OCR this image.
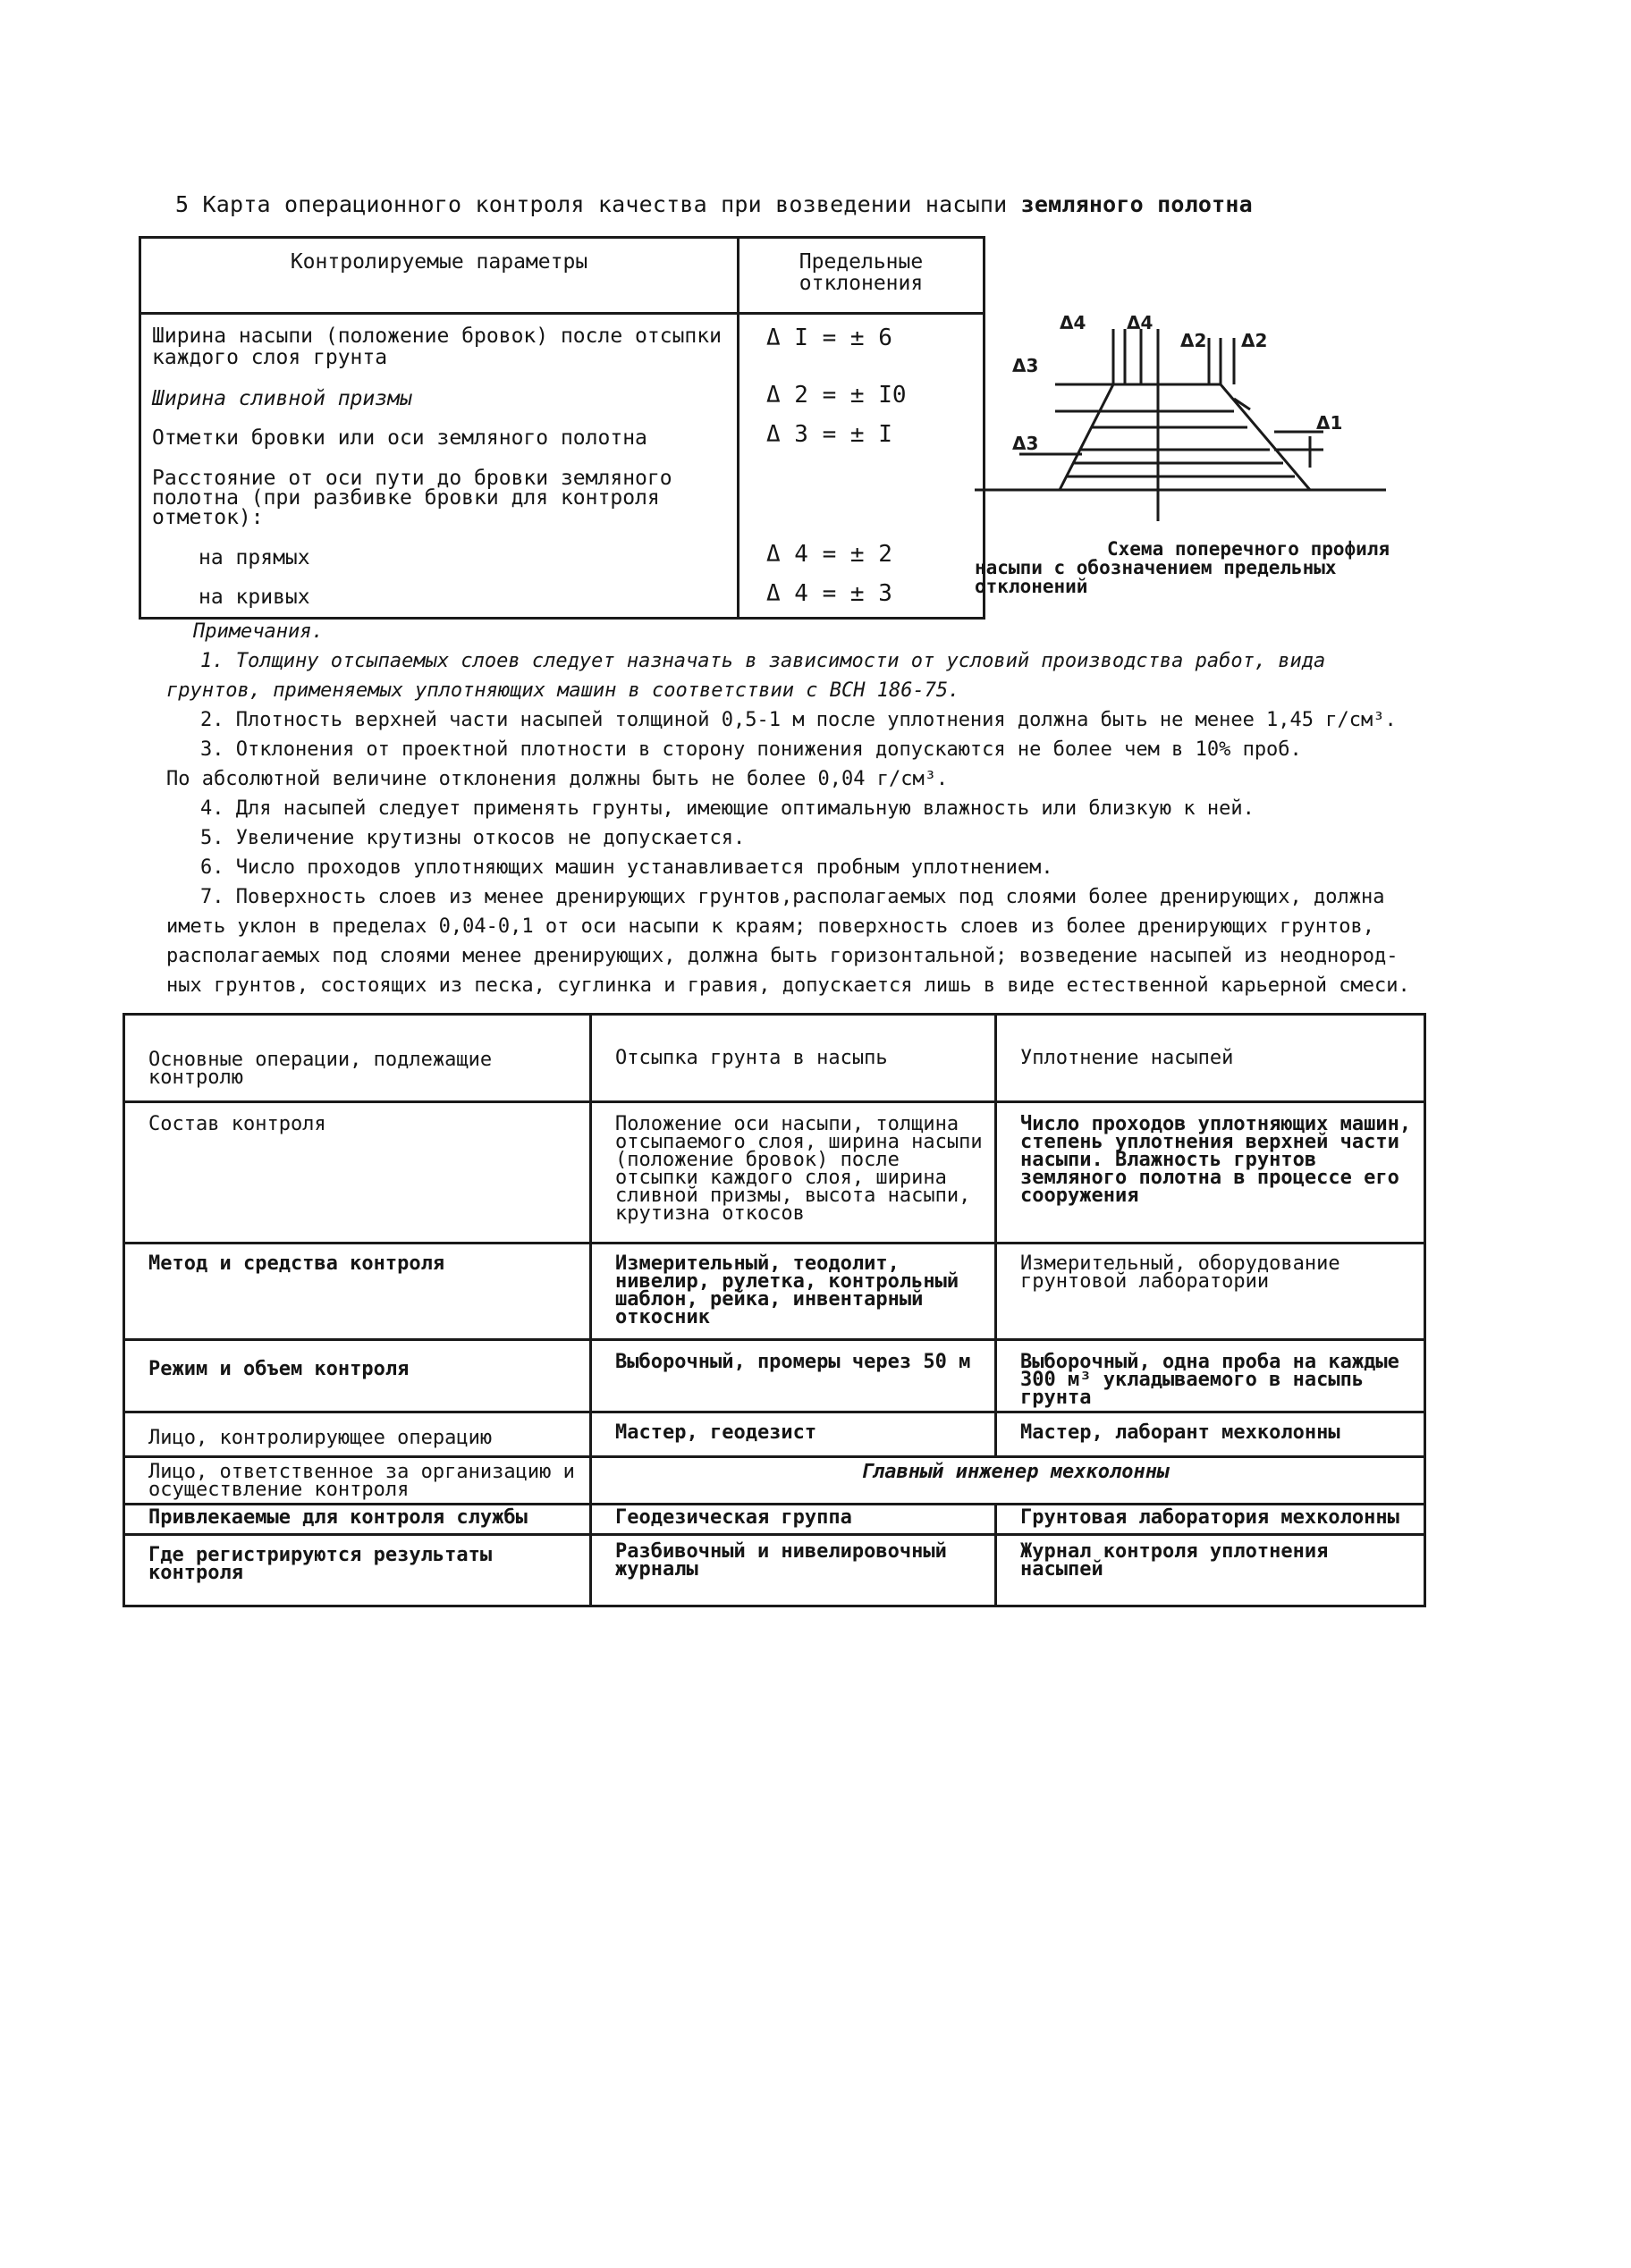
5 Карта операционного контроля качества при возведении насыпи земляного полотна
Контролируемые параметры	Предельные отклонения
Ширина насыпи (положение бровок) после отсыпки каждого слоя грунта	Δ I = ± 6
Ширина сливной призмы	Δ 2 = ± I0
Отметки бровки или оси земляного полотна	Δ 3 = ± I
Расстояние от оси пути до бровки земляного полотна (при разбивке бровки для контроля отметок):	
на прямых	Δ 4 = ± 2
на кривых	Δ 4 = ± 3
Δ4 Δ4
Δ2 Δ2
Δ3
Δ3
Δ1
Схема поперечного профиля
насыпи с обозначением предельных
отклонений

Примечания.

1. Толщину отсыпаемых слоев следует назначать в зависимости от условий производства работ, вида

грунтов, применяемых уплотняющих машин в соответствии с ВСН 186-75.

2. Плотность верхней части насыпей толщиной 0,5-1 м после уплотнения должна быть не менее 1,45 г/см³.

3. Отклонения от проектной плотности в сторону понижения допускаются не более чем в 10% проб.

По абсолютной величине отклонения должны быть не более 0,04 г/см³.

4. Для насыпей следует применять грунты, имеющие оптимальную влажность или близкую к ней.

5. Увеличение крутизны откосов не допускается.

6. Число проходов уплотняющих машин устанавливается пробным уплотнением.

7. Поверхность слоев из менее дренирующих грунтов,располагаемых под слоями более дренирующих, должна

иметь уклон в пределах 0,04-0,1 от оси насыпи к краям; поверхность слоев из более дренирующих грунтов,

располагаемых под слоями менее дренирующих, должна быть горизонтальной; возведение насыпей из неоднород-

ных грунтов, состоящих из песка, суглинка и гравия, допускается лишь в виде естественной карьерной смеси.

Основные операции, подлежащие контролю	Отсыпка грунта в насыпь	Уплотнение насыпей
Состав контроля	Положение оси насыпи, толщина отсыпаемого слоя, ширина насыпи (положение бровок) после отсыпки каждого слоя, ширина сливной призмы, высота насыпи, крутизна откосов	Число проходов уплотняющих машин, степень уплотнения верхней части насыпи. Влажность грунтов земляного полотна в процессе его сооружения
Метод и средства контроля	Измерительный, теодолит, нивелир, рулетка, контрольный шаблон, рейка, инвентарный откосник	Измерительный, оборудование грунтовой лаборатории
Режим и объем контроля	Выборочный, промеры через 50 м	Выборочный, одна проба на каждые 300 м³ укладываемого в насыпь грунта
Лицо, контролирующее операцию	Мастер, геодезист	Мастер, лаборант мехколонны
Лицо, ответственное за организацию и осуществление контроля	Главный инженер мехколонны	
Привлекаемые для контроля службы	Геодезическая группа	Грунтовая лаборатория мехколонны
Где регистрируются результаты контроля	Разбивочный и нивелировочный журналы	Журнал контроля уплотнения насыпей
